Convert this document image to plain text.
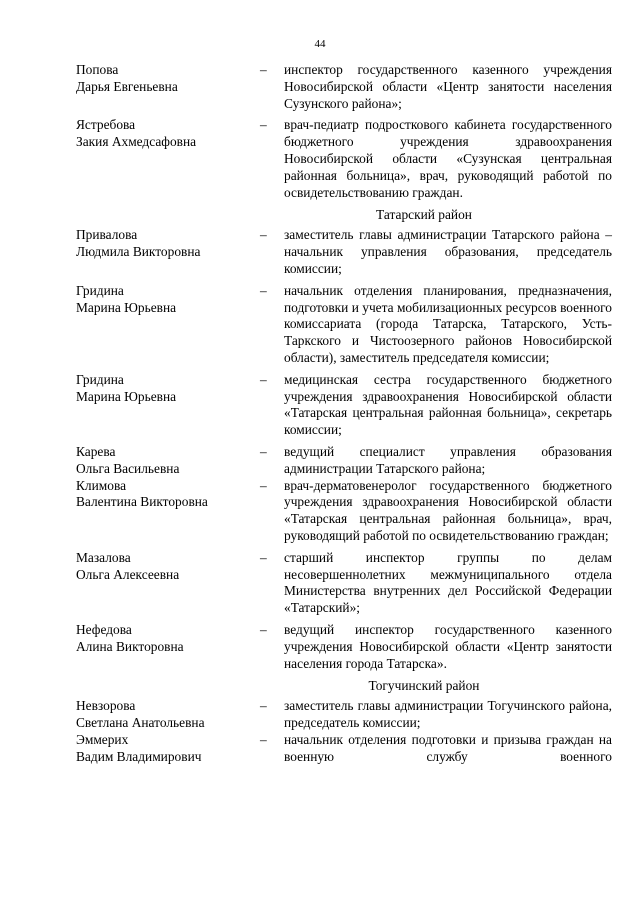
44
Попова
Дарья Евгеньевна
–	инспектор государственного казенного учреждения Новосибирской области «Центр занятости населения Сузунского района»;
Ястребова
Закия Ахмедсафовна
–	врач-педиатр подросткового кабинета государственного бюджетного учреждения здравоохранения Новосибирской области «Сузунская центральная районная больница», врач, руководящий работой по освидетельствованию граждан.
Татарский район
Привалова
Людмила Викторовна
–	заместитель главы администрации Татарского района – начальник управления образования, председатель комиссии;
Гридина
Марина Юрьевна
–	начальник отделения планирования, предназначения, подготовки и учета мобилизационных ресурсов военного комиссариата (города Татарска, Татарского, Усть-Таркского и Чистоозерного районов Новосибирской области), заместитель председателя комиссии;
Гридина
Марина Юрьевна
–	медицинская сестра государственного бюджетного учреждения здравоохранения Новосибирской области «Татарская центральная районная больница», секретарь комиссии;
Карева
Ольга Васильевна
–	ведущий специалист управления образования администрации Татарского района;
Климова
Валентина Викторовна
–	врач-дерматовенеролог государственного бюджетного учреждения здравоохранения Новосибирской области «Татарская центральная районная больница», врач, руководящий работой по освидетельствованию граждан;
Мазалова
Ольга Алексеевна
–	старший инспектор группы по делам несовершеннолетних межмуниципального отдела Министерства внутренних дел Российской Федерации «Татарский»;
Нефедова
Алина Викторовна
–	ведущий инспектор государственного казенного учреждения Новосибирской области «Центр занятости населения города Татарска».
Тогучинский район
Невзорова
Светлана Анатольевна
–	заместитель главы администрации Тогучинского района, председатель комиссии;
Эммерих
Вадим Владимирович
–	начальник отделения подготовки и призыва граждан на военную службу военного
